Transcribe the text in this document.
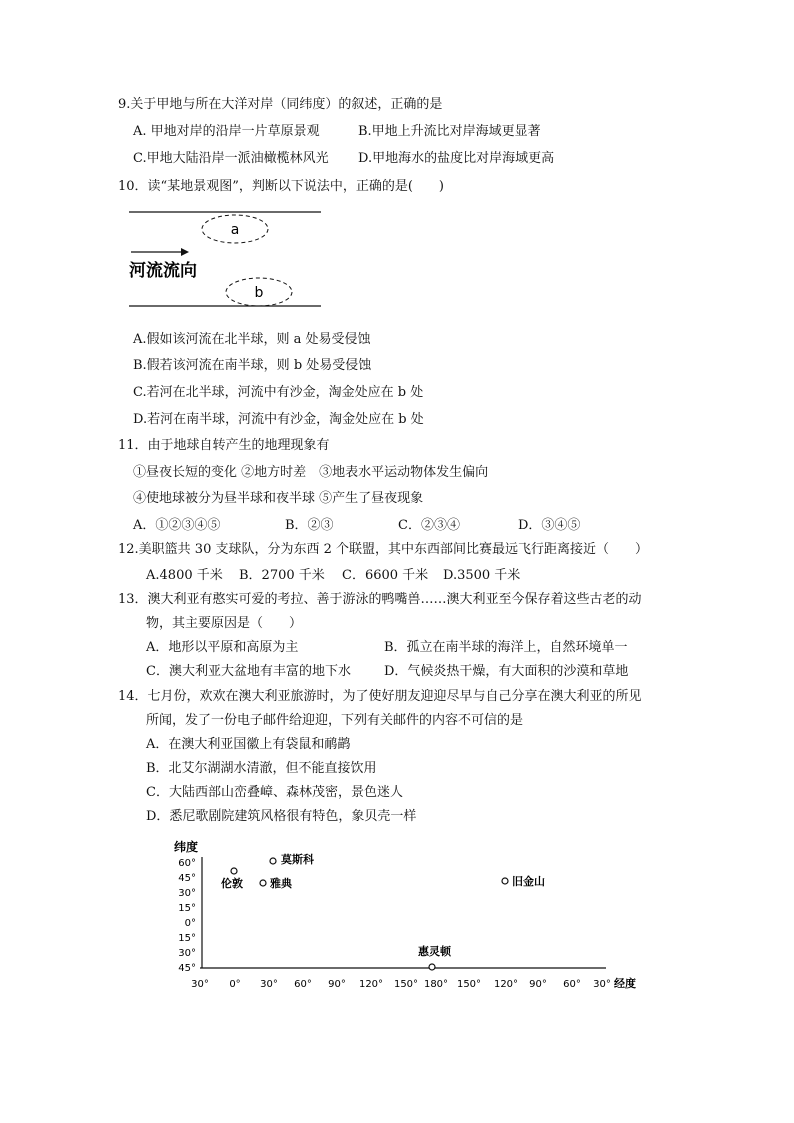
9.关于甲地与所在大洋对岸（同纬度）的叙述，正确的是
A. 甲地对岸的沿岸一片草原景观	B.甲地上升流比对岸海域更显著
C.甲地大陆沿岸一派油橄榄林风光 D.甲地海水的盐度比对岸海域更高
10．读“某地景观图”，判断以下说法中，正确的是(　　)
a
河流流向
b
A.假如该河流在北半球，则 a 处易受侵蚀
B.假若该河流在南半球，则 b 处易受侵蚀
C.若河在北半球，河流中有沙金，淘金处应在 b 处
D.若河在南半球，河流中有沙金，淘金处应在 b 处
11．由于地球自转产生的地理现象有
①昼夜长短的变化 ②地方时差　③地表水平运动物体发生偏向
④使地球被分为昼半球和夜半球 ⑤产生了昼夜现象
A．①②③④⑤	B．②③	C．②③④	D．③④⑤
12.美职篮共 30 支球队，分为东西 2 个联盟，其中东西部间比赛最远飞行距离接近（　　）
A.4800 千米 B．2700 千米 C．6600 千米 D.3500 千米
13．澳大利亚有憨实可爱的考拉、善于游泳的鸭嘴兽……澳大利亚至今保存着这些古老的动
物，其主要原因是（　　）
A．地形以平原和高原为主	B．孤立在南半球的海洋上，自然环境单一
C．澳大利亚大盆地有丰富的地下水	D．气候炎热干燥，有大面积的沙漠和草地
14．七月份，欢欢在澳大利亚旅游时，为了使好朋友迎迎尽早与自己分享在澳大利亚的所见
所闻，发了一份电子邮件给迎迎，下列有关邮件的内容不可信的是
A．在澳大利亚国徽上有袋鼠和鸸鹋
B．北艾尔湖湖水清澈，但不能直接饮用
C．大陆西部山峦叠嶂、森林茂密，景色迷人
D．悉尼歌剧院建筑风格很有特色，象贝壳一样
纬度
60°
45°
30°
15°
0°
15°
30°
45°
30° 0° 30° 60° 90° 120° 150° 180° 150° 120° 90° 60° 30° 经度
莫斯科
伦敦 雅典	旧金山
惠灵顿
